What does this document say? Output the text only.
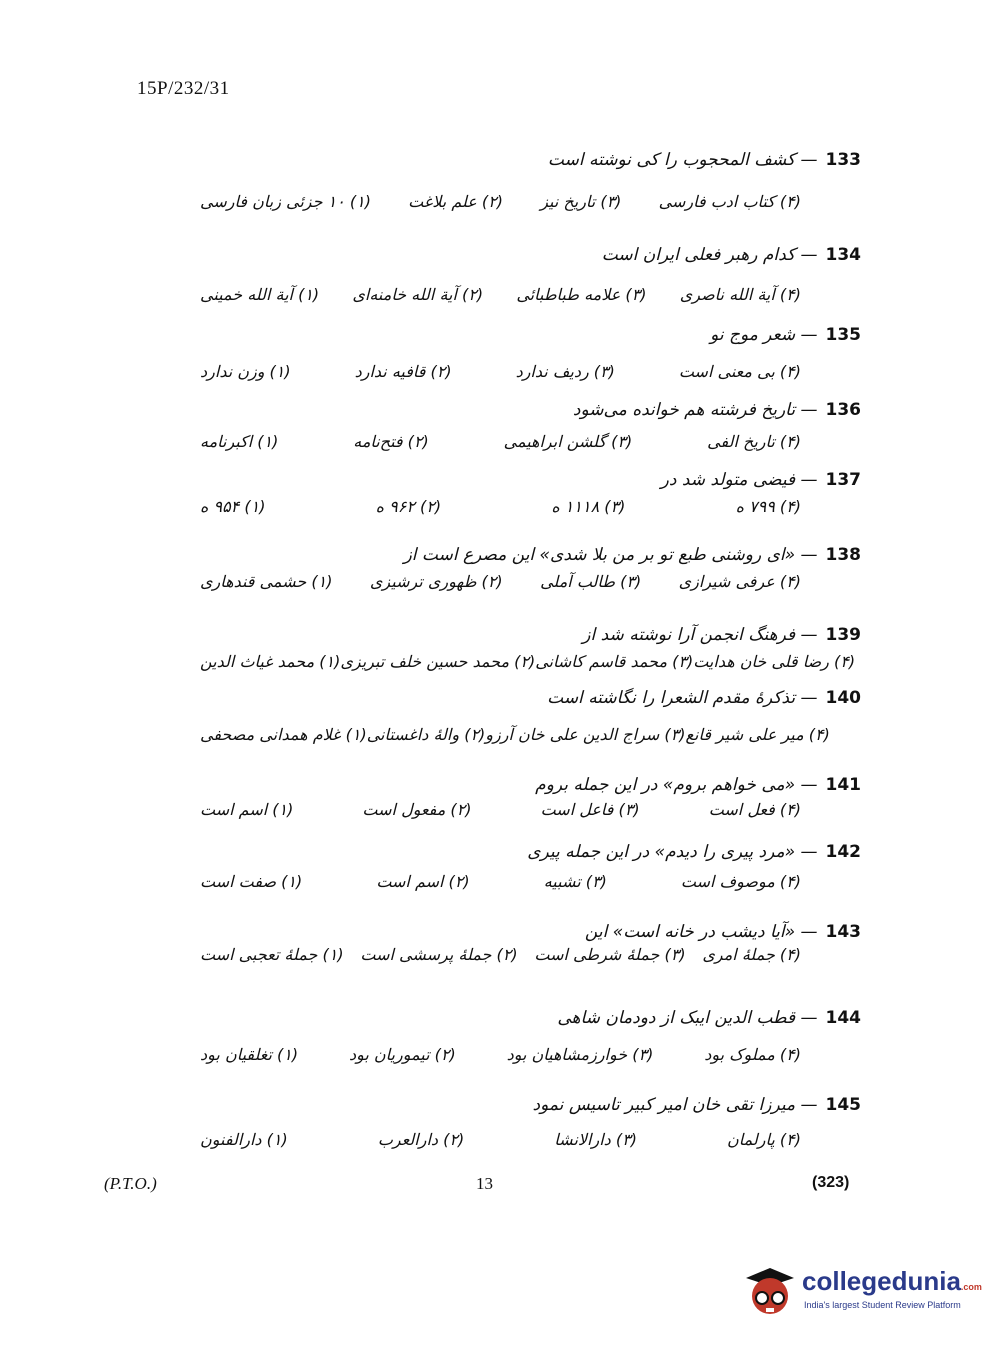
15P/232/31
133— کشف المحجوب را کی نوشته است
(۱) ۱۰ جزئی زبان فارسی (۲) علم بلاغت (۳) تاریخ نیز (۴) کتاب ادب فارسی
134— کدام رهبر فعلی ایران است
(۱) آیة الله خمینی (۲) آیة الله خامنه‌ای (۳) علامه طباطبائی (۴) آیة الله ناصری
135— شعر موج نو
(۱) وزن ندارد	(۲) قافیه ندارد	(۳) ردیف ندارد	(۴) بی معنی است
136— تاریخ فرشته هم خوانده می‌شود
(۱) اکبرنامه	(۲) فتح‌نامه	(۳) گلشن ابراهیمی	(۴) تاریخ الفی
137— فیضی متولد شد در
(۱) ۹۵۴ ه	(۲) ۹۶۲ ه	(۳) ۱۱۱۸ ه	(۴) ۷۹۹ ه
138— «ای روشنی طبع تو بر من بلا شدی» این مصرع است از
(۱) حشمی قندهاری (۲) ظهوری ترشیزی (۳) طالب آملی (۴) عرفی شیرازی
139— فرهنگ انجمن آرا نوشته شد از
(۱) محمد غیاث الدین (۲) محمد حسین خلف تبریزی (۳) محمد قاسم کاشانی (۴) رضا قلی خان هدایت
140— تذکرهٔ مقدم الشعرا را نگاشته است
(۱) غلام همدانی مصحفی (۲) والهٔ داغستانی (۳) سراج الدین علی خان آرزو (۴) میر علی شیر قانع
141— «می خواهم بروم» در این جمله بروم
(۱) اسم است	(۲) مفعول است	(۳) فاعل است	(۴) فعل است
142— «مرد پیری را دیدم» در این جمله پیری
(۱) صفت است	(۲) اسم است	(۳) تشبیه	(۴) موصوف است
143— «آیا دیشب در خانه است» این
(۱) جملهٔ تعجبی است (۲) جملهٔ پرسشی است (۳) جملهٔ شرطی است (۴) جملهٔ امری
144— قطب الدین ایبک از دودمان شاهی
(۱) تغلقیان بود	(۲) تیموریان بود	(۳) خوارزمشاهیان بود	(۴) مملوک بود
145— میرزا تقی خان امیر کبیر تاسیس نمود
(۱) دارالفنون	(۲) دارالعرب	(۳) دارالانشا	(۴) پارلمان
(P.T.O.)	13	(323)
collegedunia.com
India's largest Student Review Platform
